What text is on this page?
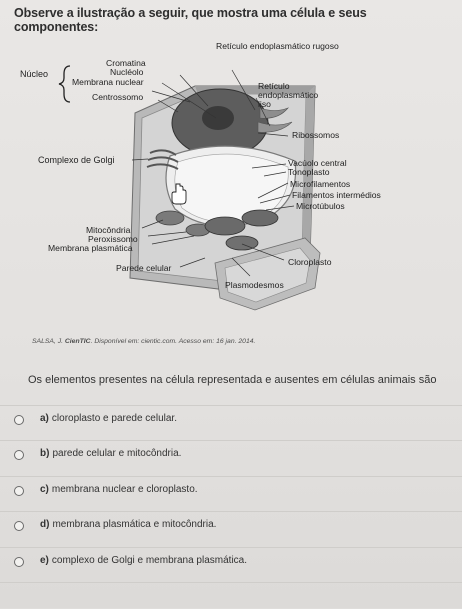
Observe a ilustração a seguir, que mostra uma célula e seus componentes:
Retículo endoplasmático rugoso
Núcleo
Cromatina
Nucléolo
Membrana nuclear
Centrossomo
Retículo endoplasmático liso
Ribossomos
Complexo de Golgi	Vacúolo central
Tonoplasto
Microfilamentos
Filamentos intermédios
Microtúbulos
Mitocôndria
Peroxissomo
Membrana plasmática
Cloroplasto
Parede celular
Plasmodesmos
SALSA, J. CienTIC. Disponível em: cientic.com. Acesso em: 16 jan. 2014.
Os elementos presentes na célula representada e ausentes em células animais são
a) cloroplasto e parede celular.
b) parede celular e mitocôndria.
c) membrana nuclear e cloroplasto.
d) membrana plasmática e mitocôndria.
e) complexo de Golgi e membrana plasmática.
